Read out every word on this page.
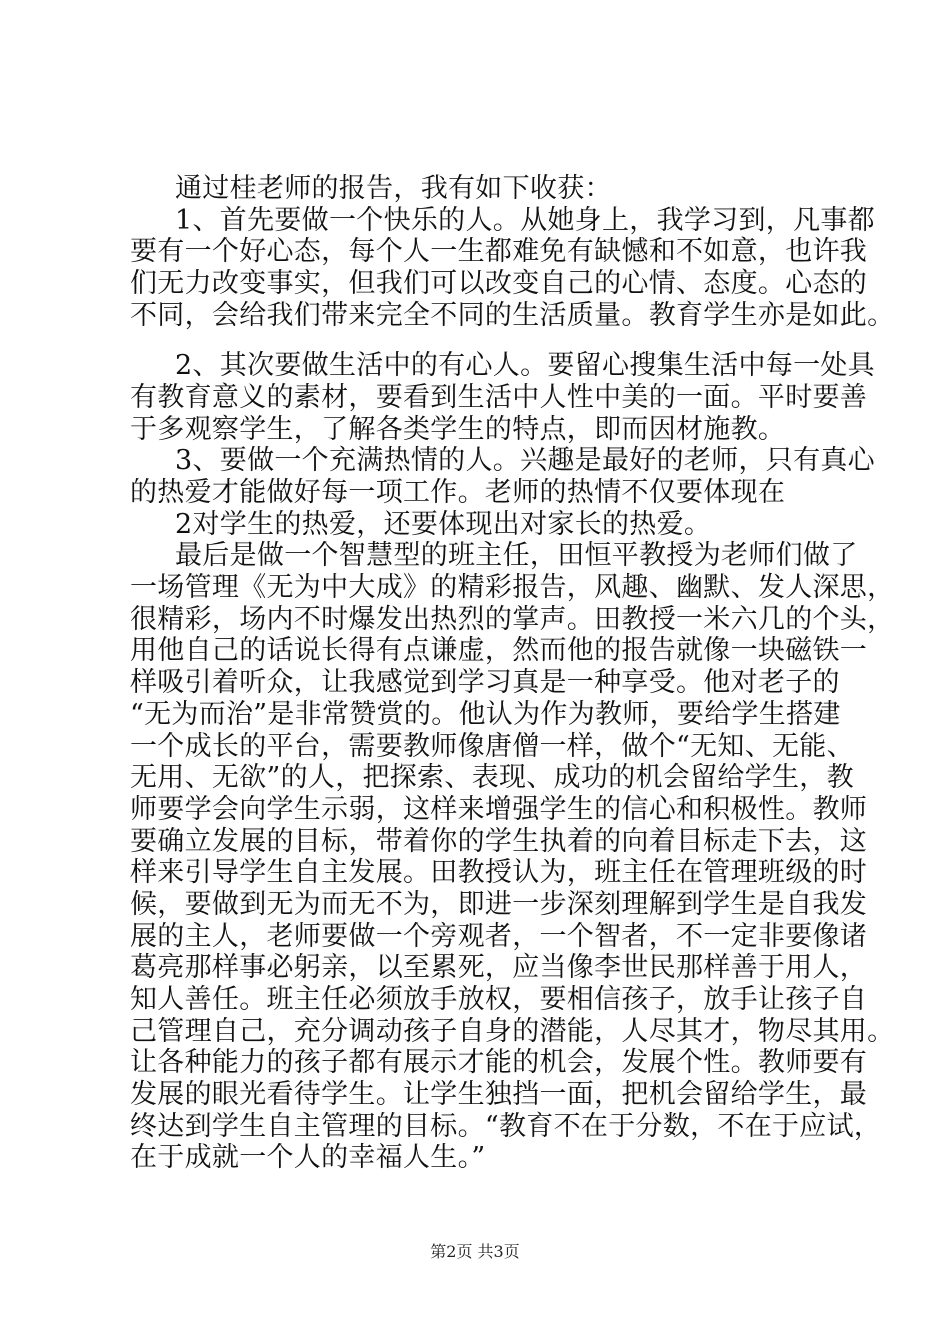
通过桂老师的报告，我有如下收获：
1、首先要做一个快乐的人。从她身上，我学习到，凡事都
要有一个好心态，每个人一生都难免有缺憾和不如意，也许我
们无力改变事实，但我们可以改变自己的心情、态度。心态的
不同，会给我们带来完全不同的生活质量。教育学生亦是如此。
2、其次要做生活中的有心人。要留心搜集生活中每一处具
有教育意义的素材，要看到生活中人性中美的一面。平时要善
于多观察学生，了解各类学生的特点，即而因材施教。
3、要做一个充满热情的人。兴趣是最好的老师，只有真心
的热爱才能做好每一项工作。老师的热情不仅要体现在
2对学生的热爱，还要体现出对家长的热爱。
最后是做一个智慧型的班主任，田恒平教授为老师们做了
一场管理《无为中大成》的精彩报告，风趣、幽默、发人深思，
很精彩，场内不时爆发出热烈的掌声。田教授一米六几的个头，
用他自己的话说长得有点谦虚，然而他的报告就像一块磁铁一
样吸引着听众，让我感觉到学习真是一种享受。他对老子的
“无为而治”是非常赞赏的。他认为作为教师，要给学生搭建
一个成长的平台，需要教师像唐僧一样，做个“无知、无能、
无用、无欲”的人，把探索、表现、成功的机会留给学生，教
师要学会向学生示弱，这样来增强学生的信心和积极性。教师
要确立发展的目标，带着你的学生执着的向着目标走下去，这
样来引导学生自主发展。田教授认为，班主任在管理班级的时
候，要做到无为而无不为，即进一步深刻理解到学生是自我发
展的主人，老师要做一个旁观者，一个智者，不一定非要像诸
葛亮那样事必躬亲，以至累死，应当像李世民那样善于用人，
知人善任。班主任必须放手放权，要相信孩子，放手让孩子自
己管理自己，充分调动孩子自身的潜能，人尽其才，物尽其用。
让各种能力的孩子都有展示才能的机会，发展个性。教师要有
发展的眼光看待学生。让学生独挡一面，把机会留给学生，最
终达到学生自主管理的目标。“教育不在于分数，不在于应试，
在于成就一个人的幸福人生。”
第2页 共3页
